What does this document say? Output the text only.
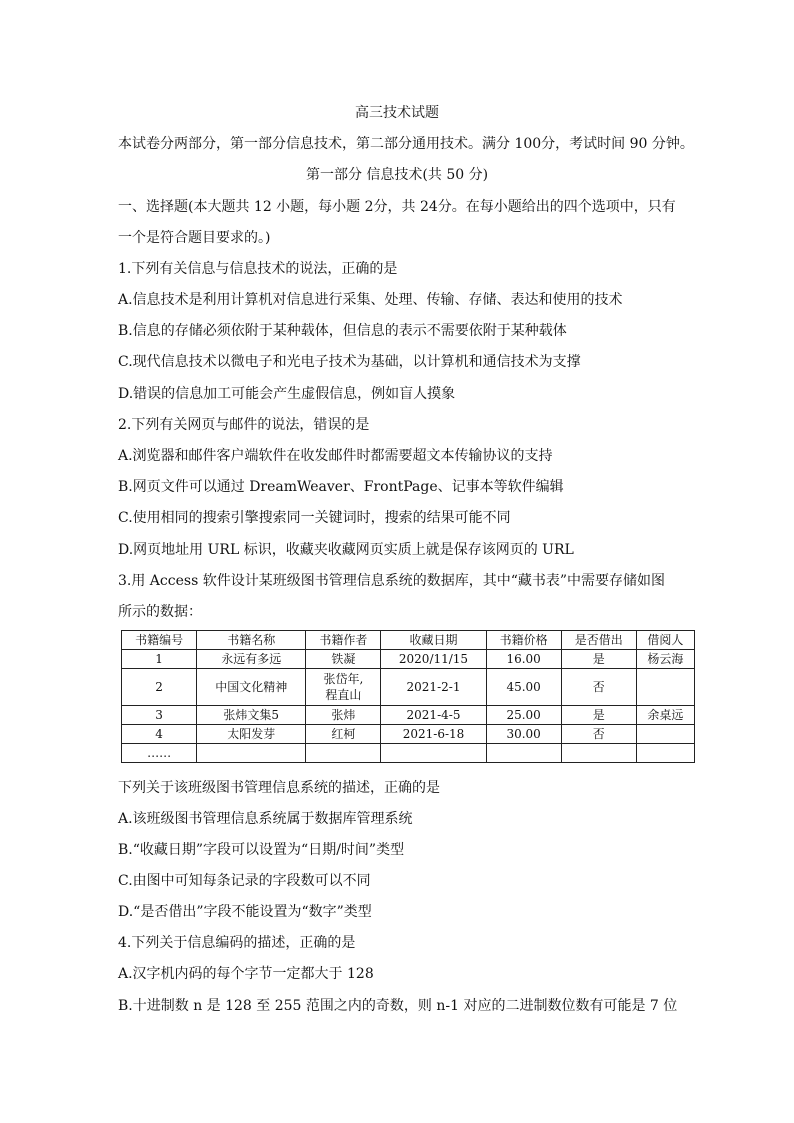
高三技术试题
本试卷分两部分，第一部分信息技术，第二部分通用技术。满分 100分，考试时间 90 分钟。
第一部分 信息技术(共 50 分)
一、选择题(本大题共 12 小题，每小题 2分，共 24分。在每小题给出的四个选项中，只有
一个是符合题目要求的。)
1.下列有关信息与信息技术的说法，正确的是
A.信息技术是利用计算机对信息进行采集、处理、传输、存储、表达和使用的技术
B.信息的存储必须依附于某种载体，但信息的表示不需要依附于某种载体
C.现代信息技术以微电子和光电子技术为基础，以计算机和通信技术为支撑
D.错误的信息加工可能会产生虚假信息，例如盲人摸象
2.下列有关网页与邮件的说法，错误的是
A.浏览器和邮件客户端软件在收发邮件时都需要超文本传输协议的支持
B.网页文件可以通过 DreamWeaver、FrontPage、记事本等软件编辑
C.使用相同的搜索引擎搜索同一关键词时，搜索的结果可能不同
D.网页地址用 URL 标识，收藏夹收藏网页实质上就是保存该网页的 URL
3.用 Access 软件设计某班级图书管理信息系统的数据库，其中“藏书表”中需要存储如图
所示的数据：
书籍编号	书籍名称	书籍作者	收藏日期	书籍价格	是否借出	借阅人
1	永远有多远	铁凝	2020/11/15	16.00	是	杨云海
2	中国文化精神	张岱年,
程直山	2021-2-1	45.00	否	
3	张炜文集5	张炜	2021-4-5	25.00	是	余桌远
4	太阳发芽	红柯	2021-6-18	30.00	否	
……						
下列关于该班级图书管理信息系统的描述，正确的是
A.该班级图书管理信息系统属于数据库管理系统
B.“收藏日期”字段可以设置为“日期/时间”类型
C.由图中可知每条记录的字段数可以不同
D.“是否借出”字段不能设置为“数字”类型
4.下列关于信息编码的描述，正确的是
A.汉字机内码的每个字节一定都大于 128
B.十进制数 n 是 128 至 255 范围之内的奇数，则 n-1 对应的二进制数位数有可能是 7 位
